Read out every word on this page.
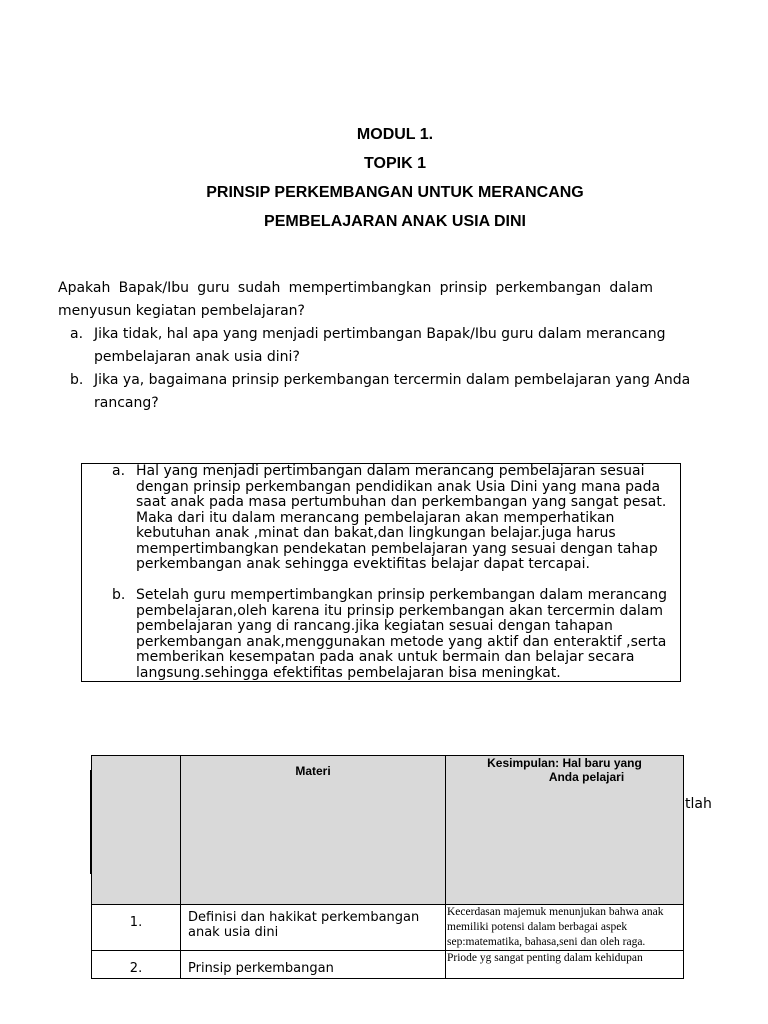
MODUL 1.
TOPIK 1
PRINSIP PERKEMBANGAN UNTUK MERANCANG
PEMBELAJARAN ANAK USIA DINI

Apakah Bapak/Ibu guru sudah mempertimbangkan prinsip perkembangan dalam menyusun kegiatan pembelajaran?

a. Jika tidak, hal apa yang menjadi pertimbangan Bapak/Ibu guru dalam merancang pembelajaran anak usia dini?
b. Jika ya, bagaimana prinsip perkembangan tercermin dalam pembelajaran yang Anda rancang?
a. Hal yang menjadi pertimbangan dalam merancang pembelajaran sesuai dengan prinsip perkembangan pendidikan anak Usia Dini yang mana pada saat anak pada masa pertumbuhan dan perkembangan yang sangat pesat. Maka dari itu dalam merancang pembelajaran akan memperhatikan kebutuhan anak ,minat dan bakat,dan lingkungan belajar.juga harus mempertimbangkan pendekatan pembelajaran yang sesuai dengan tahap perkembangan anak sehingga evektifitas belajar dapat tercapai.
b. Setelah guru mempertimbangkan prinsip perkembangan dalam merancang pembelajaran,oleh karena itu prinsip perkembangan akan tercermin dalam pembelajaran yang di rancang.jika kegiatan sesuai dengan tahapan perkembangan anak,menggunakan metode yang aktif dan enteraktif ,serta memberikan kesempatan pada anak untuk bermain dan belajar secara langsung.sehingga efektifitas pembelajaran bisa meningkat.
tlah
	Materi	Kesimpulan: Hal baru yang
Anda pelajari

1.	Definisi dan hakikat perkembangan anak usia dini	Kecerdasan majemuk menunjukan bahwa anak memiliki potensi dalam berbagai aspek sep:matematika, bahasa,seni dan oleh raga.
2.	Prinsip perkembangan	Priode yg sangat penting dalam kehidupan
